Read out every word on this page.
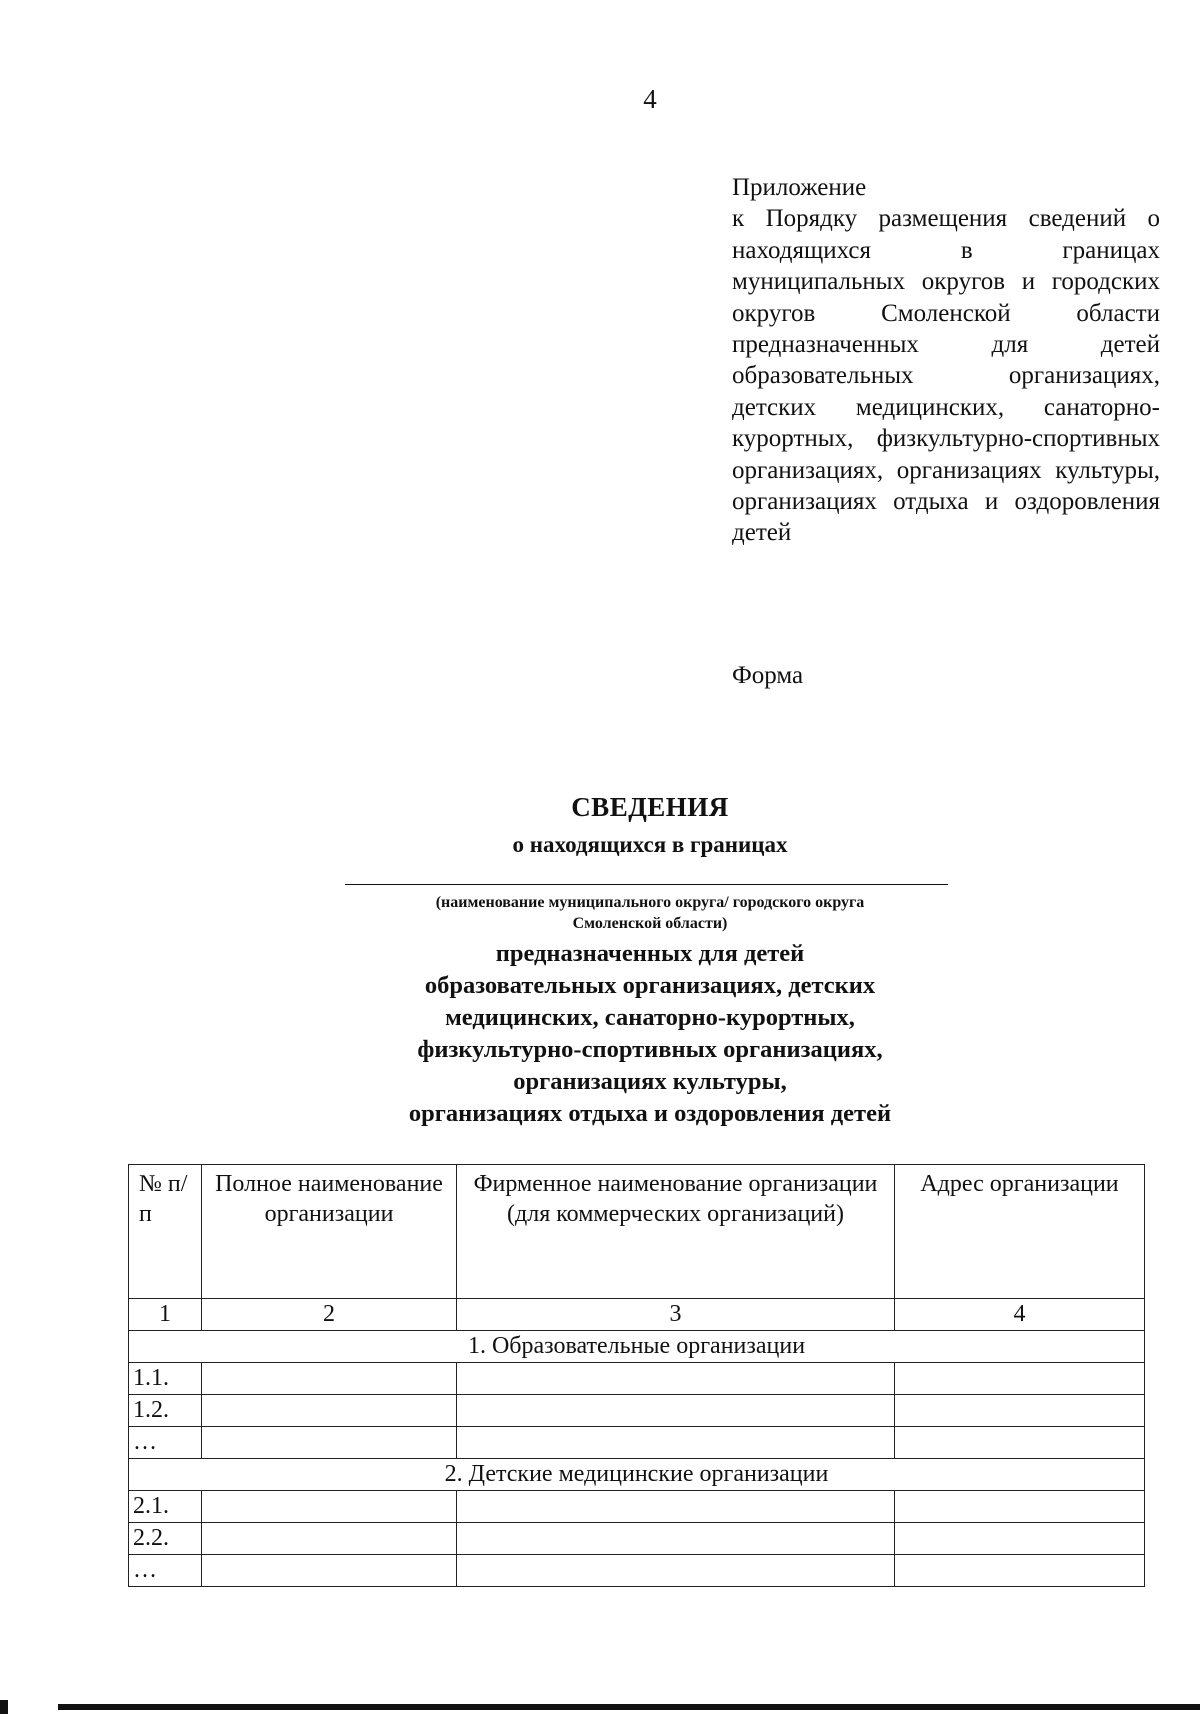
4
Приложение
к Порядку размещения сведений о находящихся в границах муниципальных округов и городских округов Смоленской области предназначенных для детей образовательных организациях, детских медицинских, санаторно-курортных, физкультурно-спортивных организациях, организациях культуры, организациях отдыха и оздоровления детей
Форма
СВЕДЕНИЯ
о находящихся в границах
(наименование муниципального округа/ городского округа
Смоленской области)
предназначенных для детей
образовательных организациях, детских
медицинских, санаторно-курортных,
физкультурно-спортивных организациях,
организациях культуры,
организациях отдыха и оздоровления детей
№ п/п	Полное наименование организации	Фирменное наименование организации (для коммерческих организаций)	Адрес организации
1	2	3	4
1. Образовательные организации			
1.1.			
1.2.			
…			
2. Детские медицинские организации			
2.1.			
2.2.			
…			
